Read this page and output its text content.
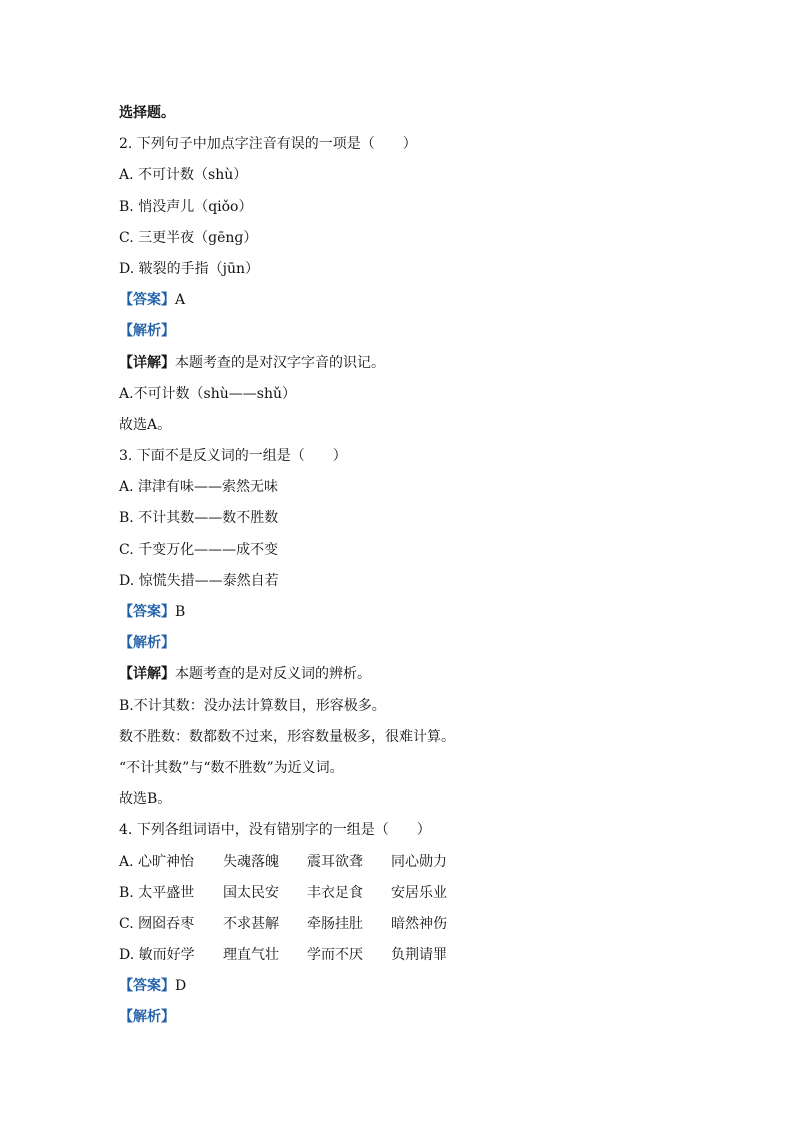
选择题。
2. 下列句子中加点字注音有误的一项是（　　）
A. 不可计数（shù）
B. 悄没声儿（qiǒo）
C. 三更半夜（ɡēnɡ）
D. 皲裂的手指（jūn）
【答案】A
【解析】
【详解】本题考查的是对汉字字音的识记。
A.不可计数（shù——shǔ）
故选A。
3. 下面不是反义词的一组是（　　）
A. 津津有味——索然无味
B. 不计其数——数不胜数
C. 千变万化———成不变
D. 惊慌失措——泰然自若
【答案】B
【解析】
【详解】本题考查的是对反义词的辨析。
B.不计其数：没办法计算数目，形容极多。
数不胜数：数都数不过来，形容数量极多，很难计算。
“不计其数”与“数不胜数”为近义词。
故选B。
4. 下列各组词语中，没有错别字的一组是（　　）
A. 心旷神怡	失魂落魄	震耳欲聋	同心勋力
B. 太平盛世	国太民安	丰衣足食	安居乐业
C. 囫囵吞枣	不求甚解	牵肠挂肚	暗然神伤
D. 敏而好学	理直气壮	学而不厌	负荆请罪
【答案】D
【解析】
